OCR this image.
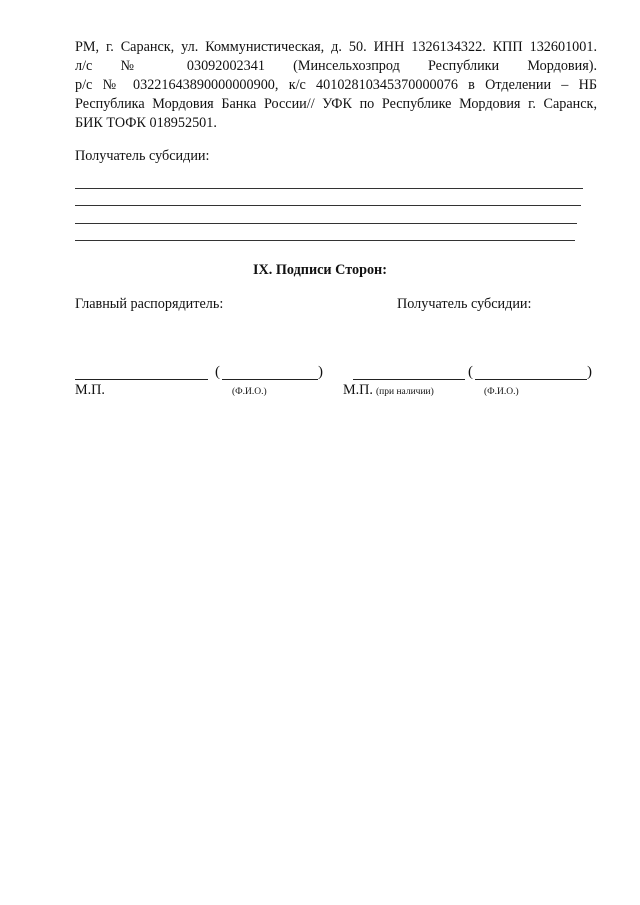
РМ, г. Саранск, ул. Коммунистическая, д. 50. ИНН 1326134322. КПП 132601001.
л/с № 03092002341 (Минсельхозпрод Республики Мордовия).
р/с № 03221643890000000900, к/с 40102810345370000076 в Отделении – НБ
Республика Мордовия Банка России// УФК по Республике Мордовия г. Саранск,
БИК ТОФК 018952501.
Получатель субсидии:
IX. Подписи Сторон:
Главный распорядитель:	Получатель субсидии:
(	)
М.П.	(Ф.И.О.)
(	)
М.П. (при наличии)	(Ф.И.О.)
